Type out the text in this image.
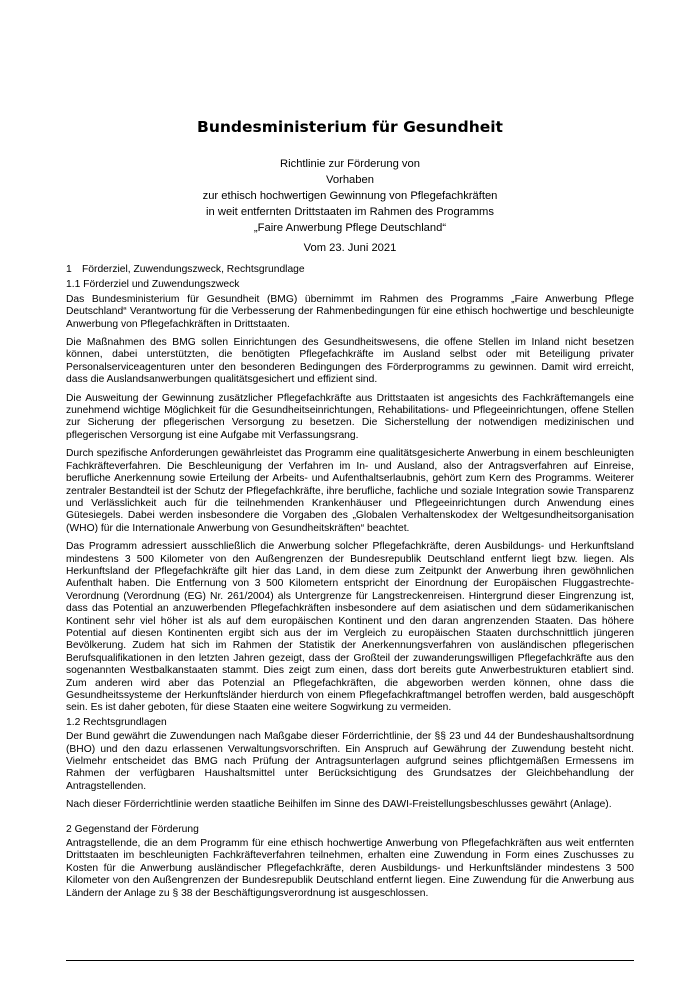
Bundesministerium für Gesundheit
Richtlinie zur Förderung von
Vorhaben
zur ethisch hochwertigen Gewinnung von Pflegefachkräften
in weit entfernten Drittstaaten im Rahmen des Programms
„Faire Anwerbung Pflege Deutschland“
Vom 23. Juni 2021
1 Förderziel, Zuwendungszweck, Rechtsgrundlage
1.1 Förderziel und Zuwendungszweck

Das Bundesministerium für Gesundheit (BMG) übernimmt im Rahmen des Programms „Faire Anwerbung Pflege Deutschland“ Verantwortung für die Verbesserung der Rahmenbedingungen für eine ethisch hochwertige und beschleunigte Anwerbung von Pflegefachkräften in Drittstaaten.

Die Maßnahmen des BMG sollen Einrichtungen des Gesundheitswesens, die offene Stellen im Inland nicht besetzen können, dabei unterstützten, die benötigten Pflegefachkräfte im Ausland selbst oder mit Beteiligung privater Personalserviceagenturen unter den besonderen Bedingungen des Förderprogramms zu gewinnen. Damit wird erreicht, dass die Auslandsanwerbungen qualitätsgesichert und effizient sind.

Die Ausweitung der Gewinnung zusätzlicher Pflegefachkräfte aus Drittstaaten ist angesichts des Fachkräftemangels eine zunehmend wichtige Möglichkeit für die Gesundheitseinrichtungen, Rehabilitations- und Pflegeeinrichtungen, offene Stellen zur Sicherung der pflegerischen Versorgung zu besetzen. Die Sicherstellung der notwendigen medizinischen und pflegerischen Versorgung ist eine Aufgabe mit Verfassungsrang.

Durch spezifische Anforderungen gewährleistet das Programm eine qualitätsgesicherte Anwerbung in einem beschleunigten Fachkräfteverfahren. Die Beschleunigung der Verfahren im In- und Ausland, also der Antragsverfahren auf Einreise, berufliche Anerkennung sowie Erteilung der Arbeits- und Aufenthaltserlaubnis, gehört zum Kern des Programms. Weiterer zentraler Bestandteil ist der Schutz der Pflegefachkräfte, ihre berufliche, fachliche und soziale Integration sowie Transparenz und Verlässlichkeit auch für die teilnehmenden Krankenhäuser und Pflegeeinrichtungen durch Anwendung eines Gütesiegels. Dabei werden insbesondere die Vorgaben des „Globalen Verhaltenskodex der Weltgesundheitsorganisation (WHO) für die Internationale Anwerbung von Gesundheitskräften“ beachtet.

Das Programm adressiert ausschließlich die Anwerbung solcher Pflegefachkräfte, deren Ausbildungs- und Herkunftsland mindestens 3 500 Kilometer von den Außengrenzen der Bundesrepublik Deutschland entfernt liegt bzw. liegen. Als Herkunftsland der Pflegefachkräfte gilt hier das Land, in dem diese zum Zeitpunkt der Anwerbung ihren gewöhnlichen Aufenthalt haben. Die Entfernung von 3 500 Kilometern entspricht der Einordnung der Europäischen Fluggastrechte-Verordnung (Verordnung (EG) Nr. 261/2004) als Untergrenze für Langstreckenreisen. Hintergrund dieser Eingrenzung ist, dass das Potential an anzuwerbenden Pflegefachkräften insbesondere auf dem asiatischen und dem südamerikanischen Kontinent sehr viel höher ist als auf dem europäischen Kontinent und den daran angrenzenden Staaten. Das höhere Potential auf diesen Kontinenten ergibt sich aus der im Vergleich zu europäischen Staaten durchschnittlich jüngeren Bevölkerung. Zudem hat sich im Rahmen der Statistik der Anerkennungsverfahren von ausländischen pflegerischen Berufsqualifikationen in den letzten Jahren gezeigt, dass der Großteil der zuwanderungswilligen Pflegefachkräfte aus den sogenannten Westbalkanstaaten stammt. Dies zeigt zum einen, dass dort bereits gute Anwerbestrukturen etabliert sind. Zum anderen wird aber das Potenzial an Pflegefachkräften, die abgeworben werden können, ohne dass die Gesundheitssysteme der Herkunftsländer hierdurch von einem Pflegefachkraftmangel betroffen werden, bald ausgeschöpft sein. Es ist daher geboten, für diese Staaten eine weitere Sogwirkung zu vermeiden.

1.2 Rechtsgrundlagen

Der Bund gewährt die Zuwendungen nach Maßgabe dieser Förderrichtlinie, der §§ 23 und 44 der Bundeshaushaltsordnung (BHO) und den dazu erlassenen Verwaltungsvorschriften. Ein Anspruch auf Gewährung der Zuwendung besteht nicht. Vielmehr entscheidet das BMG nach Prüfung der Antragsunterlagen aufgrund seines pflichtgemäßen Ermessens im Rahmen der verfügbaren Haushaltsmittel unter Berücksichtigung des Grundsatzes der Gleichbehandlung der Antragstellenden.

Nach dieser Förderrichtlinie werden staatliche Beihilfen im Sinne des DAWI-Freistellungsbeschlusses gewährt (Anlage).

2 Gegenstand der Förderung

Antragstellende, die an dem Programm für eine ethisch hochwertige Anwerbung von Pflegefachkräften aus weit entfernten Drittstaaten im beschleunigten Fachkräfteverfahren teilnehmen, erhalten eine Zuwendung in Form eines Zuschusses zu Kosten für die Anwerbung ausländischer Pflegefachkräfte, deren Ausbildungs- und Herkunftsländer mindestens 3 500 Kilometer von den Außengrenzen der Bundesrepublik Deutschland entfernt liegen. Eine Zuwendung für die Anwerbung aus Ländern der Anlage zu § 38 der Beschäftigungsverordnung ist ausgeschlossen.
